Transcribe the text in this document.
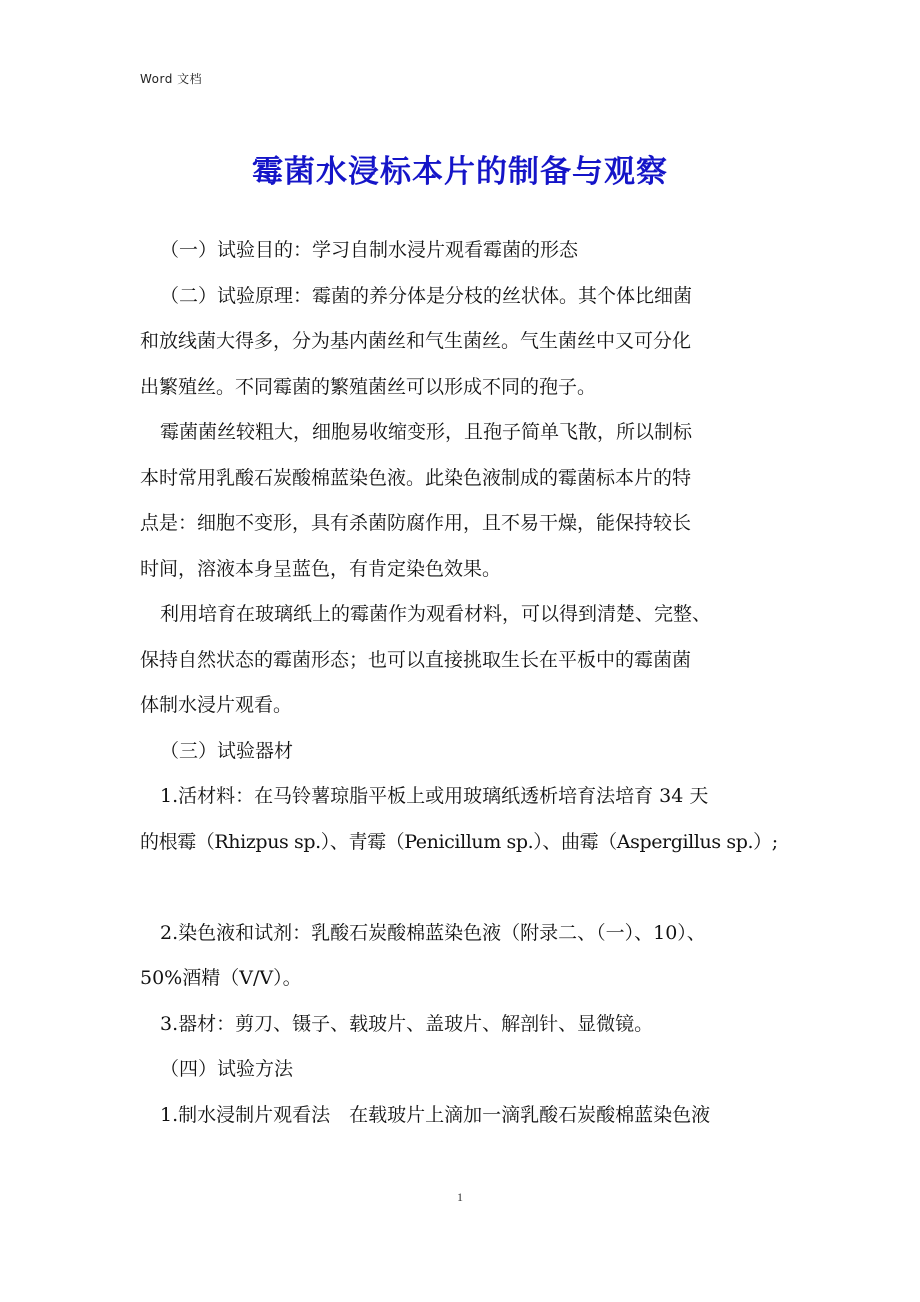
Word 文档
霉菌水浸标本片的制备与观察

（一）试验目的：学习自制水浸片观看霉菌的形态

（二）试验原理：霉菌的养分体是分枝的丝状体。其个体比细菌

和放线菌大得多，分为基内菌丝和气生菌丝。气生菌丝中又可分化

出繁殖丝。不同霉菌的繁殖菌丝可以形成不同的孢子。

霉菌菌丝较粗大，细胞易收缩变形，且孢子简单飞散，所以制标

本时常用乳酸石炭酸棉蓝染色液。此染色液制成的霉菌标本片的特

点是：细胞不变形，具有杀菌防腐作用，且不易干燥，能保持较长

时间，溶液本身呈蓝色，有肯定染色效果。

利用培育在玻璃纸上的霉菌作为观看材料，可以得到清楚、完整、

保持自然状态的霉菌形态；也可以直接挑取生长在平板中的霉菌菌

体制水浸片观看。

（三）试验器材

1.活材料：在马铃薯琼脂平板上或用玻璃纸透析培育法培育 34 天

的根霉（Rhizpus sp.）、青霉（Penicillum sp.）、曲霉（Aspergillus sp.）;

2.染色液和试剂：乳酸石炭酸棉蓝染色液（附录二、（一）、10）、

50%酒精（V/V）。

3.器材：剪刀、镊子、载玻片、盖玻片、解剖针、显微镜。

（四）试验方法

1.制水浸制片观看法　在载玻片上滴加一滴乳酸石炭酸棉蓝染色液

1
